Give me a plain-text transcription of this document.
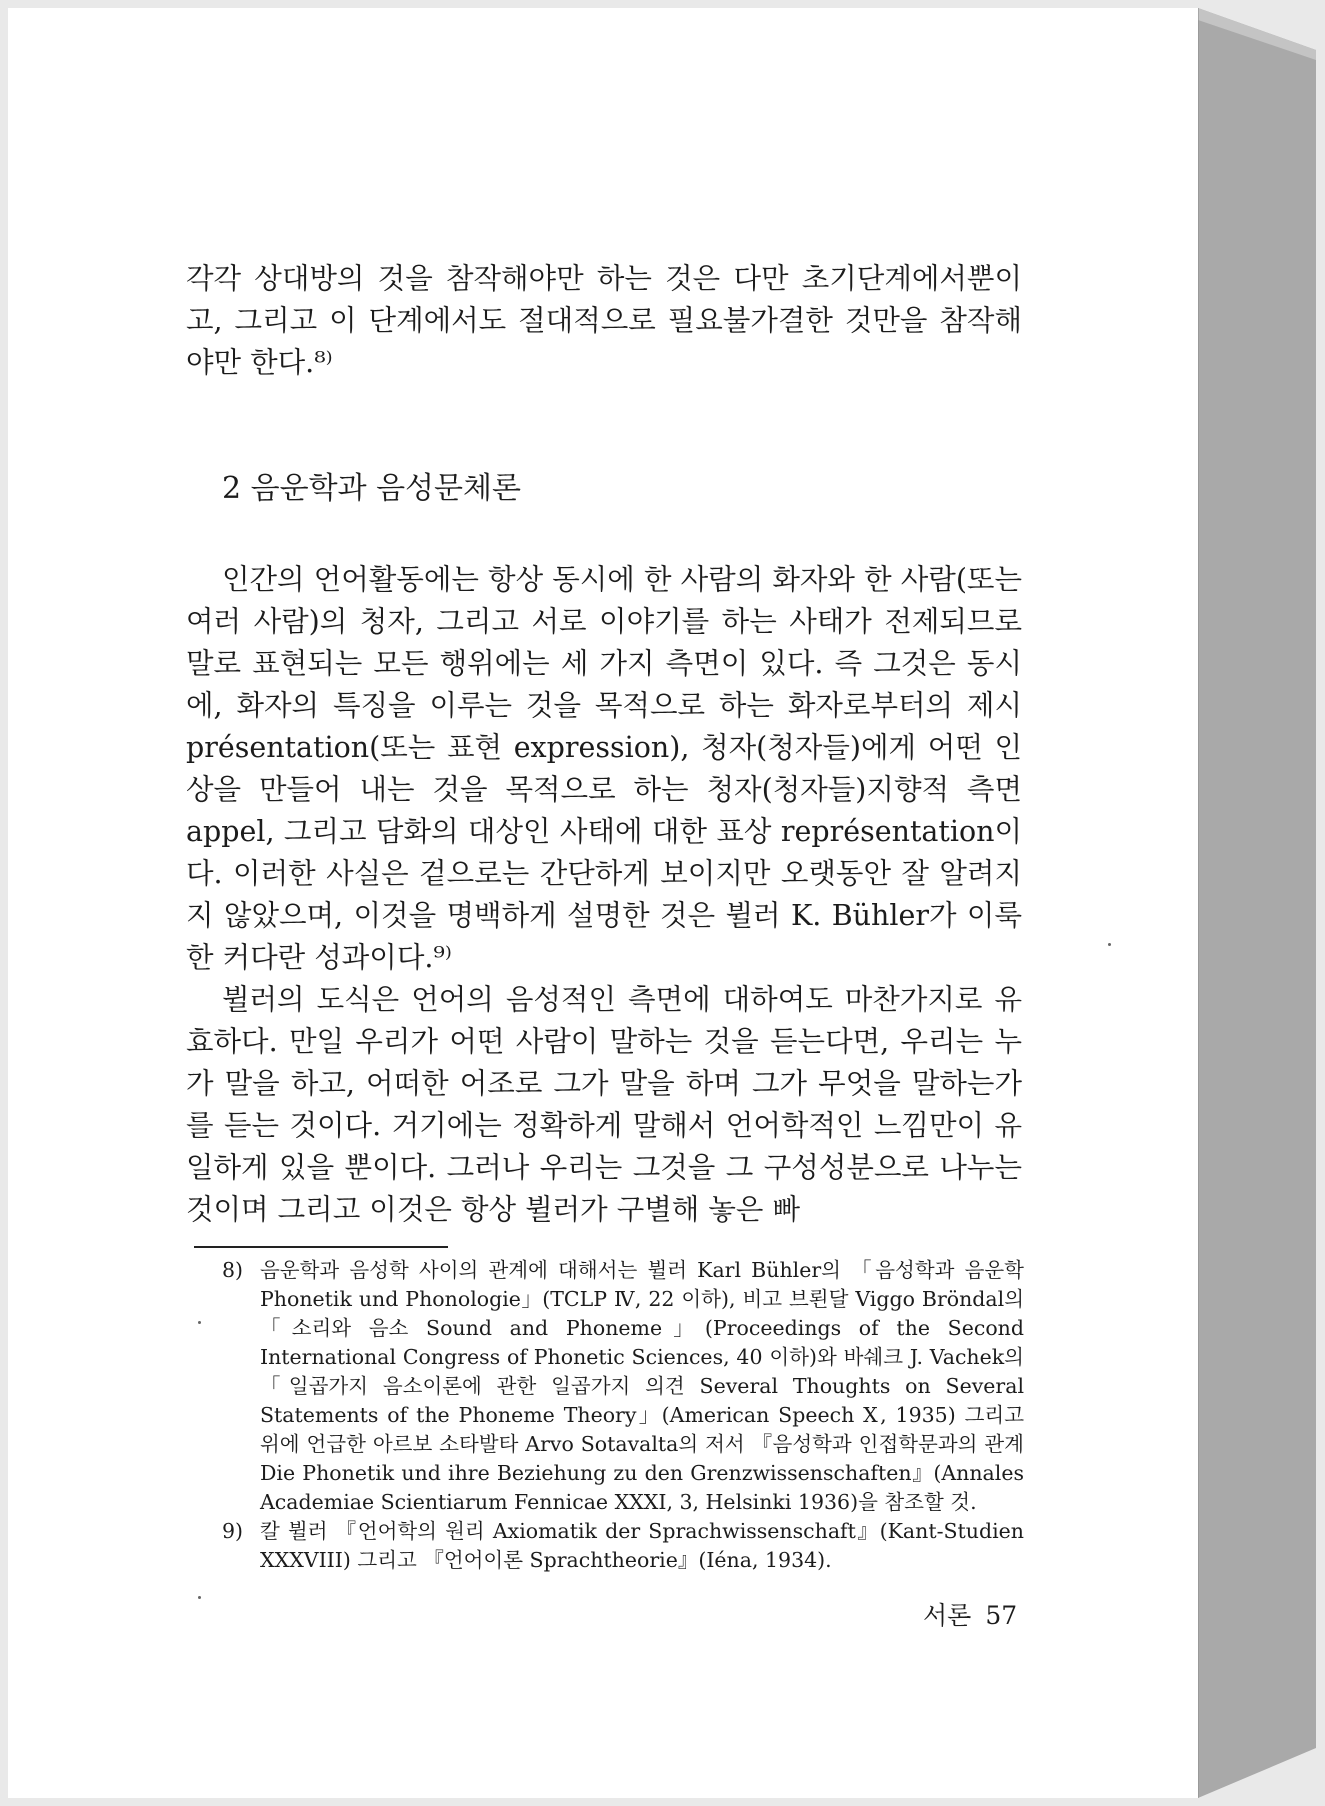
각각 상대방의 것을 참작해야만 하는 것은 다만 초기단계에서뿐이고, 그리고 이 단계에서도 절대적으로 필요불가결한 것만을 참작해야만 한다.⁸⁾

2 음운학과 음성문체론

인간의 언어활동에는 항상 동시에 한 사람의 화자와 한 사람(또는 여러 사람)의 청자, 그리고 서로 이야기를 하는 사태가 전제되므로 말로 표현되는 모든 행위에는 세 가지 측면이 있다. 즉 그것은 동시에, 화자의 특징을 이루는 것을 목적으로 하는 화자로부터의 제시 présentation(또는 표현 expression), 청자(청자들)에게 어떤 인상을 만들어 내는 것을 목적으로 하는 청자(청자들)지향적 측면 appel, 그리고 담화의 대상인 사태에 대한 표상 représentation이다. 이러한 사실은 겉으로는 간단하게 보이지만 오랫동안 잘 알려지지 않았으며, 이것을 명백하게 설명한 것은 뷜러 K. Bühler가 이룩한 커다란 성과이다.⁹⁾

뷜러의 도식은 언어의 음성적인 측면에 대하여도 마찬가지로 유효하다. 만일 우리가 어떤 사람이 말하는 것을 듣는다면, 우리는 누가 말을 하고, 어떠한 어조로 그가 말을 하며 그가 무엇을 말하는가를 듣는 것이다. 거기에는 정확하게 말해서 언어학적인 느낌만이 유일하게 있을 뿐이다. 그러나 우리는 그것을 그 구성성분으로 나누는 것이며 그리고 이것은 항상 뷜러가 구별해 놓은 빠

8) 음운학과 음성학 사이의 관계에 대해서는 뷜러 Karl Bühler의 「음성학과 음운학 Phonetik und Phonologie」(TCLP Ⅳ, 22 이하), 비고 브뢴달 Viggo Bröndal의 「소리와 음소 Sound and Phoneme」(Proceedings of the Second International Congress of Phonetic Sciences, 40 이하)와 바쉐크 J. Vachek의 「일곱가지 음소이론에 관한 일곱가지 의견 Several Thoughts on Several Statements of the Phoneme Theory」(American Speech Ⅹ, 1935) 그리고 위에 언급한 아르보 소타발타 Arvo Sotavalta의 저서 『음성학과 인접학문과의 관계 Die Phonetik und ihre Beziehung zu den Grenzwissenschaften』(Annales Academiae Scientiarum Fennicae XXXI, 3, Helsinki 1936)을 참조할 것.
9) 칼 뷜러 『언어학의 원리 Axiomatik der Sprachwissenschaft』(Kant-Studien XXXVIII) 그리고 『언어이론 Sprachtheorie』(Iéna, 1934).
서론 57
